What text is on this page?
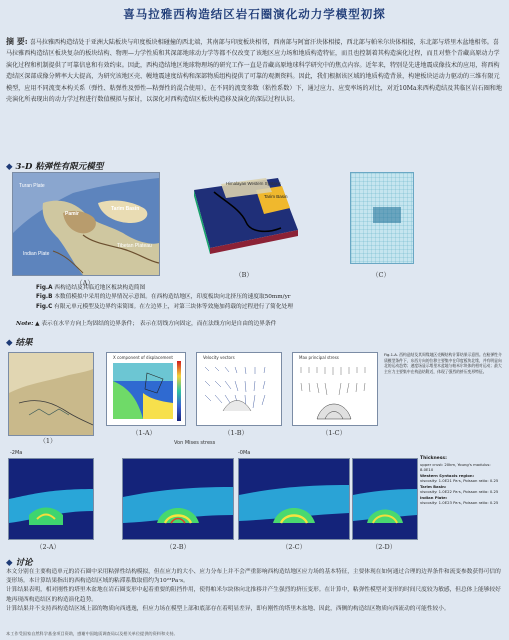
喜马拉雅西构造结区岩石圈演化动力学模型初探
摘 要: 喜马拉雅西构造结处于亚洲大陆板块与印度板块相碰撞的西北端，其南部与印度板块相邻，西南部与阿富汗块体相接，西北部与帕米尔块体相接，东北部与塔里木盆地相邻。喜马拉雅西构造结区板块复杂的板块结构、物理—力学性质和其深部地球动力学等都不仅改变了该地区应力场和地质构造特征，而且也控制着其构造演化过程，而且对整个青藏高原动力学演化过程和机制提供了可靠信息和有效约束。因此，西构造结地区地球物理场的研究工作一直是青藏高原地球科学研究中的焦点内容。近年来，特别是先进地震成像技术的应用，将西构造结区深部成像分辨率大大提高，为研究该地区壳、幔地震速度结构和深部物质组构提供了可靠的观测资料。因此，我们根据该区域的地质构造背景，构建板块运动力驱动的三维有限元模型，应用不同流变本构关系（弹性、粘弹性及弹性—粘弹性的混合使用），在不同的流变参数（粘性系数）下，通过应力、应变率场的对比，对近10Ma来西构造结及其临区岩石圈和地壳演化所表现出的动力学过程进行数值模拟与探讨，以深化对西构造结区板块构造移及演化的深层过程认识。
◆ 3-D 粘弹性有限元模型
Turan Plate
Pamir
Tarim Basin
Tibetan Plateau
Indian Plate
（A）
Himalayan Western Syntaxis
Tarim Basin
（B）	（C）
Fig.A 西构造结及其临近地区板块构造简图
Fig.B 本数值模拟中采用的边界情况示意图。在西构造结地区，印度板块向北挤压的速度取50mm/yr
Fig.C 有限元单元模型及边界约束简图。在左边界上，对第三块体等效施加荷载的过程进行了简化处理
Note: ▲ 表示在水平方向上均固结的边界条件； 表示在切线方向固定，而在法线方向是自由的边界条件
◆ 结果
X component of displacement	Velocity vectors	Max principal stress
Fig.1-A. 西构造结及其周缘地区壳幔结构计算结果示意图。在粘弹性介质模型条件下，东西方向的位移主要集中在印度板块北缘，并有明显向北的运动趋势；速度场显示塔里木盆地与帕米尔块体的相对运动；最大主应力主要集中在构造结附近，体现了强烈的挤压变形特征。
（1）
（1-A）	（1-B）	（1-C）
Von Mises stress
-2Ma	-0Ma
Thickness:
upper crust: 20km, Young's modulus: 8.0E10
Western Syntaxis region:
viscosity: 1.0E21 Pa·s, Poisson ratio: 0.25
Tarim Basin:
viscosity: 1.0E22 Pa·s, Poisson ratio: 0.25
Indian Plate:
viscosity: 1.0E23 Pa·s, Poisson ratio: 0.25
（2-A）	（2-B）	（2-C）	（2-D）
◆ 讨论
本文分别在主要构造单元的岩石圈中采用粘弹性结构模拟，但在应力的大小、应力分布上并不会严重影响西构造结地区应力场的基本特征，主要体现在如何通过合理的边界条件和流变参数获得可信的变形场。本计算结果指出的西构造结区域的粘滞系数取值约为10²³Pa·s。
计算结果表明，相对刚性的塔里木盆地在岩石圈变形中起着重要的阻挡作用，使得帕米尔块体向北推移并产生强烈的挤压变形。在计算中，粘弹性模型对变形的时间尺度较为敏感，但总体上能够较好地再现西构造结区的构造演化趋势。
计算结果并不支持西构造结区域上部的物质向西逃逸，但应力场在模型上部和底部存在着明显差异，即有刚性的塔里木盆地、因此，西侧的构造结区物质向西流动的可能性较小。
本工作受国家自然科学基金项目资助，感谢中国地质调查局以及相关单位提供的资料和支持。
